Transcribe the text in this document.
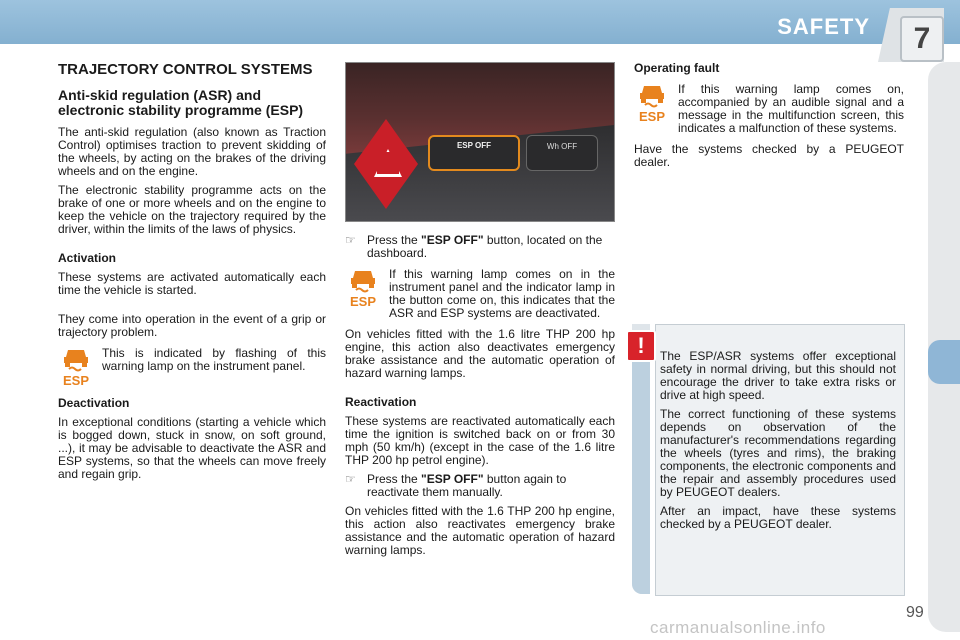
SAFETY	7
TRAJECTORY CONTROL SYSTEMS
Anti-skid regulation (ASR) and electronic stability programme (ESP)

The anti-skid regulation (also known as Traction Control) optimises traction to prevent skidding of the wheels, by acting on the brakes of the driving wheels and on the engine.

The electronic stability programme acts on the brake of one or more wheels and on the engine to keep the vehicle on the trajectory required by the driver, within the limits of the laws of physics.

Activation

These systems are activated automatically each time the vehicle is started.

They come into operation in the event of a grip or trajectory problem.

ESP
This is indicated by flashing of this warning lamp on the instrument panel.
Deactivation

In exceptional conditions (starting a vehicle which is bogged down, stuck in snow, on soft ground, ...), it may be advisable to deactivate the ASR and ESP systems, so that the wheels can move freely and regain grip.

ESP OFF	Wh OFF
☞ Press the "ESP OFF" button, located on the dashboard.
ESP
If this warning lamp comes on in the instrument panel and the indicator lamp in the button come on, this indicates that the ASR and ESP systems are deactivated.

On vehicles fitted with the 1.6 litre THP 200 hp engine, this action also deactivates emergency brake assistance and the automatic operation of hazard warning lamps.

Reactivation

These systems are reactivated automatically each time the ignition is switched back on or from 30 mph (50 km/h) (except in the case of the 1.6 litre THP 200 hp petrol engine).

☞ Press the "ESP OFF" button again to reactivate them manually.

On vehicles fitted with the 1.6 THP 200 hp engine, this action also reactivates emergency brake assistance and the automatic operation of hazard warning lamps.

Operating fault
ESP
If this warning lamp comes on, accompanied by an audible signal and a message in the multifunction screen, this indicates a malfunction of these systems.

Have the systems checked by a PEUGEOT dealer.

!	The ESP/ASR systems offer exceptional safety in normal driving, but this should not encourage the driver to take extra risks or drive at high speed.

The correct functioning of these systems depends on observation of the manufacturer's recommendations regarding the wheels (tyres and rims), the braking components, the electronic components and the repair and assembly procedures used by PEUGEOT dealers.

After an impact, have these systems checked by a PEUGEOT dealer.

99
carmanualsonline.info
